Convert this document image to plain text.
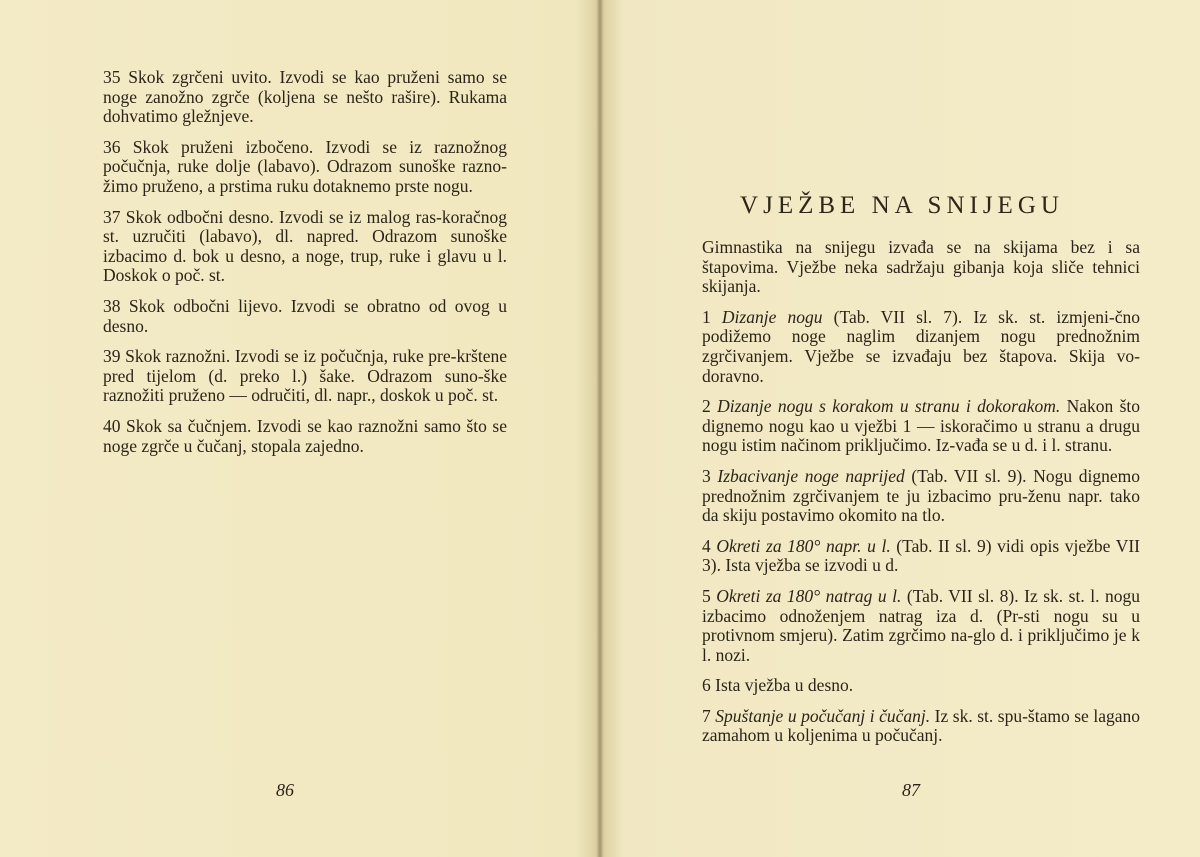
35 Skok zgrčeni uvito. Izvodi se kao pruženi samo se noge zanožno zgrče (koljena se nešto raširе). Rukama dohvatimo gležnjeve.

36 Skok pruženi izbočeno. Izvodi se iz raznožnog počučnja, ruke dolje (labavo). Odrazom sunoške razno-žimo pruženo, a prstima ruku dotaknemo prste nogu.

37 Skok odbočni desno. Izvodi se iz malog ras-koračnog st. uzručiti (labavo), dl. napred. Odrazom sunoške izbacimo d. bok u desno, a noge, trup, ruke i glavu u l. Doskok o poč. st.

38 Skok odbočni lijevo. Izvodi se obratno od ovog u desno.

39 Skok raznožni. Izvodi se iz počučnja, ruke pre-krštene pred tijelom (d. preko l.) šake. Odrazom suno-ške raznožiti pruženo — odručiti, dl. napr., doskok u poč. st.

40 Skok sa čučnjem. Izvodi se kao raznožni samo što se noge zgrče u čučanj, stopala zajedno.

86
VJEŽBE NA SNIJEGU

Gimnastika na snijegu izvađa se na skijama bez i sa štapovima. Vježbe neka sadržaju gibanja koja sliče tehnici skijanja.

1 Dizanje nogu (Tab. VII sl. 7). Iz sk. st. izmjeni-čno podižemo noge naglim dizanjem nogu prednožnim zgrčivanjem. Vježbe se izvađaju bez štapova. Skija vo-doravno.

2 Dizanje nogu s korakom u stranu i dokorakom. Nakon što dignemo nogu kao u vježbi 1 — iskoračimo u stranu a drugu nogu istim načinom priključimo. Iz-vađa se u d. i l. stranu.

3 Izbacivanje noge naprijed (Tab. VII sl. 9). Nogu dignemo prednožnim zgrčivanjem te ju izbacimo pru-ženu napr. tako da skiju postavimo okomito na tlo.

4 Okreti za 180° napr. u l. (Tab. II sl. 9) vidi opis vježbe VII 3). Ista vježba se izvodi u d.

5 Okreti za 180° natrag u l. (Tab. VII sl. 8). Iz sk. st. l. nogu izbacimo odnoženjem natrag iza d. (Pr-sti nogu su u protivnom smjeru). Zatim zgrčimo na-glo d. i priključimo je k l. nozi.

6 Ista vježba u desno.

7 Spuštanje u počučanj i čučanj. Iz sk. st. spu-štamo se lagano zamahom u koljenima u počučanj.

87
